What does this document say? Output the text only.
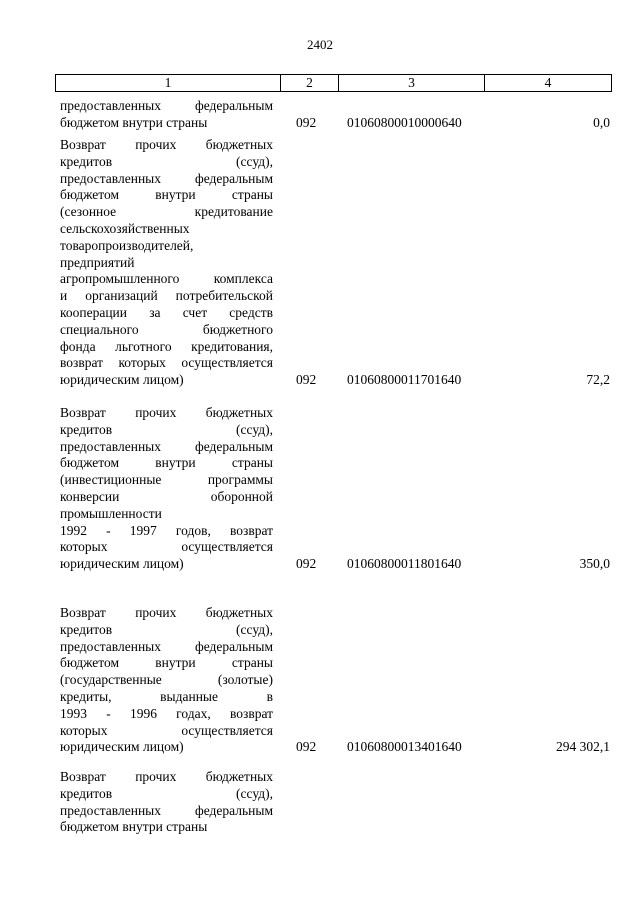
2402
1	2	3	4
предоставленных федеральным
бюджетом внутри страны	092	01060800010000640	0,0
Возврат прочих бюджетных
кредитов (ссуд),
предоставленных федеральным
бюджетом внутри страны
(сезонное кредитование
сельскохозяйственных
товаропроизводителей,
предприятий
агропромышленного комплекса
и организаций потребительской
кооперации за счет средств
специального бюджетного
фонда льготного кредитования,
возврат которых осуществляется
юридическим лицом)	092	01060800011701640	72,2
Возврат прочих бюджетных
кредитов (ссуд),
предоставленных федеральным
бюджетом внутри страны
(инвестиционные программы
конверсии оборонной
промышленности
1992 - 1997 годов, возврат
которых осуществляется
юридическим лицом)	092	01060800011801640	350,0
Возврат прочих бюджетных
кредитов (ссуд),
предоставленных федеральным
бюджетом внутри страны
(государственные (золотые)
кредиты, выданные в
1993 - 1996 годах, возврат
которых осуществляется
юридическим лицом)	092	01060800013401640	294 302,1
Возврат прочих бюджетных
кредитов (ссуд),
предоставленных федеральным
бюджетом внутри страны
